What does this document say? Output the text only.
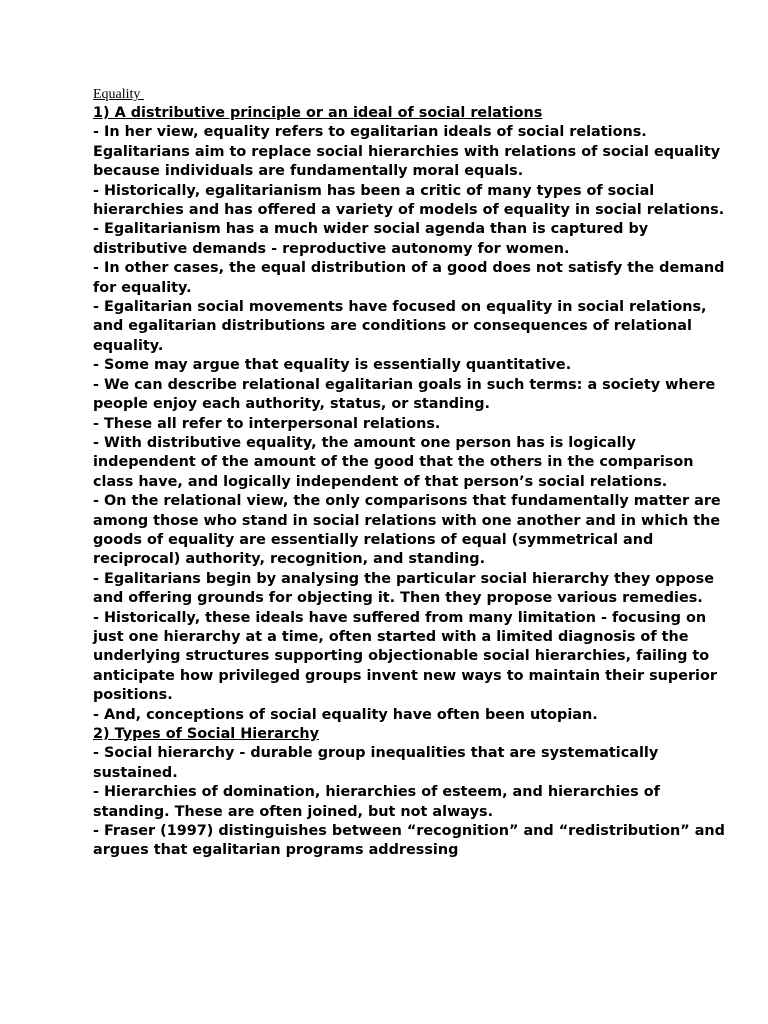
Equality
1) A distributive principle or an ideal of social relations
- In her view, equality refers to egalitarian ideals of social relations. Egalitarians aim to replace social hierarchies with relations of social equality because individuals are fundamentally moral equals.
- Historically, egalitarianism has been a critic of many types of social hierarchies and has offered a variety of models of equality in social relations.
- Egalitarianism has a much wider social agenda than is captured by distributive demands - reproductive autonomy for women.
- In other cases, the equal distribution of a good does not satisfy the demand for equality.
- Egalitarian social movements have focused on equality in social relations, and egalitarian distributions are conditions or consequences of relational equality.
- Some may argue that equality is essentially quantitative.
- We can describe relational egalitarian goals in such terms: a society where people enjoy each authority, status, or standing.
- These all refer to interpersonal relations.
- With distributive equality, the amount one person has is logically independent of the amount of the good that the others in the comparison class have, and logically independent of that person’s social relations.
- On the relational view, the only comparisons that fundamentally matter are among those who stand in social relations with one another and in which the goods of equality are essentially relations of equal (symmetrical and reciprocal) authority, recognition, and standing.
- Egalitarians begin by analysing the particular social hierarchy they oppose and offering grounds for objecting it. Then they propose various remedies.
- Historically, these ideals have suffered from many limitation - focusing on just one hierarchy at a time, often started with a limited diagnosis of the underlying structures supporting objectionable social hierarchies, failing to anticipate how privileged groups invent new ways to maintain their superior positions.
- And, conceptions of social equality have often been utopian.
2) Types of Social Hierarchy
- Social hierarchy - durable group inequalities that are systematically sustained.
- Hierarchies of domination, hierarchies of esteem, and hierarchies of standing. These are often joined, but not always.
- Fraser (1997) distinguishes between “recognition” and “redistribution” and argues that egalitarian programs addressing
